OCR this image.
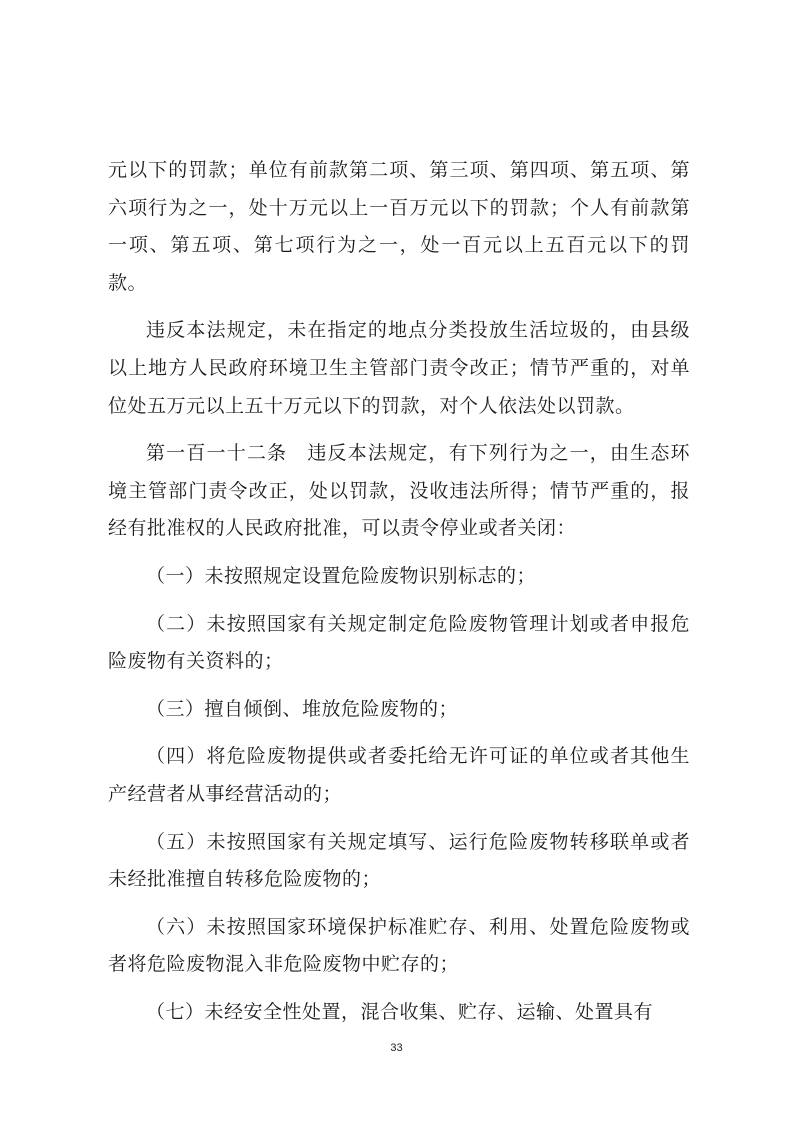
元以下的罚款；单位有前款第二项、第三项、第四项、第五项、第六项行为之一，处十万元以上一百万元以下的罚款；个人有前款第一项、第五项、第七项行为之一，处一百元以上五百元以下的罚款。

违反本法规定，未在指定的地点分类投放生活垃圾的，由县级以上地方人民政府环境卫生主管部门责令改正；情节严重的，对单位处五万元以上五十万元以下的罚款，对个人依法处以罚款。

第一百一十二条　违反本法规定，有下列行为之一，由生态环境主管部门责令改正，处以罚款，没收违法所得；情节严重的，报经有批准权的人民政府批准，可以责令停业或者关闭：

（一）未按照规定设置危险废物识别标志的；

（二）未按照国家有关规定制定危险废物管理计划或者申报危险废物有关资料的；

（三）擅自倾倒、堆放危险废物的；

（四）将危险废物提供或者委托给无许可证的单位或者其他生产经营者从事经营活动的；

（五）未按照国家有关规定填写、运行危险废物转移联单或者未经批准擅自转移危险废物的；

（六）未按照国家环境保护标准贮存、利用、处置危险废物或者将危险废物混入非危险废物中贮存的；

（七）未经安全性处置，混合收集、贮存、运输、处置具有

33
